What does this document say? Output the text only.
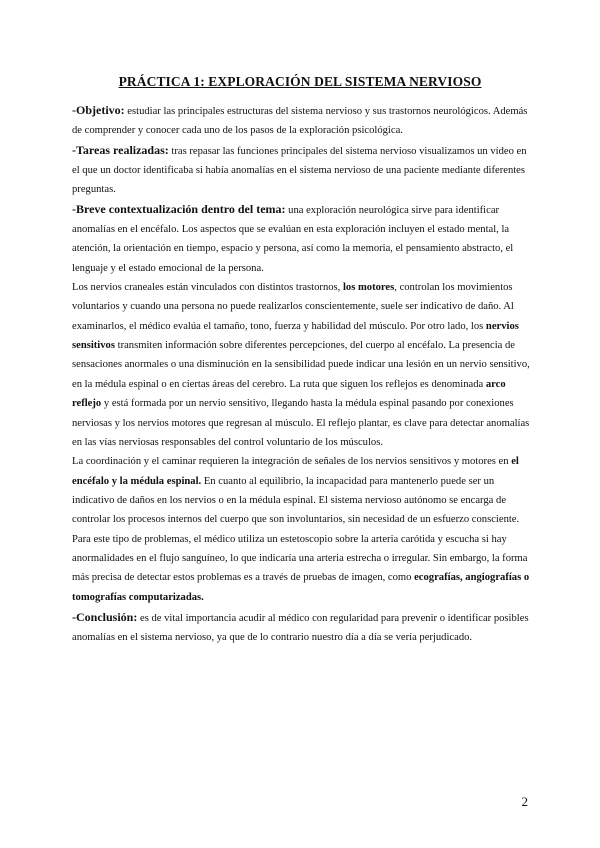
PRÁCTICA 1: EXPLORACIÓN DEL SISTEMA NERVIOSO

-Objetivo: estudiar las principales estructuras del sistema nervioso y sus trastornos neurológicos. Además de comprender y conocer cada uno de los pasos de la exploración psicológica.

-Tareas realizadas: tras repasar las funciones principales del sistema nervioso visualizamos un vídeo en el que un doctor identificaba si había anomalías en el sistema nervioso de una paciente mediante diferentes preguntas.

-Breve contextualización dentro del tema: una exploración neurológica sirve para identificar anomalías en el encéfalo. Los aspectos que se evalúan en esta exploración incluyen el estado mental, la atención, la orientación en tiempo, espacio y persona, así como la memoria, el pensamiento abstracto, el lenguaje y el estado emocional de la persona.

Los nervios craneales están vinculados con distintos trastornos, los motores, controlan los movimientos voluntarios y cuando una persona no puede realizarlos conscientemente, suele ser indicativo de daño. Al examinarlos, el médico evalúa el tamaño, tono, fuerza y habilidad del músculo. Por otro lado, los nervios sensitivos transmiten información sobre diferentes percepciones, del cuerpo al encéfalo. La presencia de sensaciones anormales o una disminución en la sensibilidad puede indicar una lesión en un nervio sensitivo, en la médula espinal o en ciertas áreas del cerebro. La ruta que siguen los reflejos es denominada arco reflejo y está formada por un nervio sensitivo, llegando hasta la médula espinal pasando por conexiones nerviosas y los nervios motores que regresan al músculo. El reflejo plantar, es clave para detectar anomalías en las vías nerviosas responsables del control voluntario de los músculos.

La coordinación y el caminar requieren la integración de señales de los nervios sensitivos y motores en el encéfalo y la médula espinal. En cuanto al equilibrio, la incapacidad para mantenerlo puede ser un indicativo de daños en los nervios o en la médula espinal. El sistema nervioso autónomo se encarga de controlar los procesos internos del cuerpo que son involuntarios, sin necesidad de un esfuerzo consciente. Para este tipo de problemas, el médico utiliza un estetoscopio sobre la arteria carótida y escucha si hay anormalidades en el flujo sanguíneo, lo que indicaría una arteria estrecha o irregular. Sin embargo, la forma más precisa de detectar estos problemas es a través de pruebas de imagen, como ecografías, angiografías o tomografías computarizadas.

-Conclusión: es de vital importancia acudir al médico con regularidad para prevenir o identificar posibles anomalías en el sistema nervioso, ya que de lo contrario nuestro día a día se vería perjudicado.

2
